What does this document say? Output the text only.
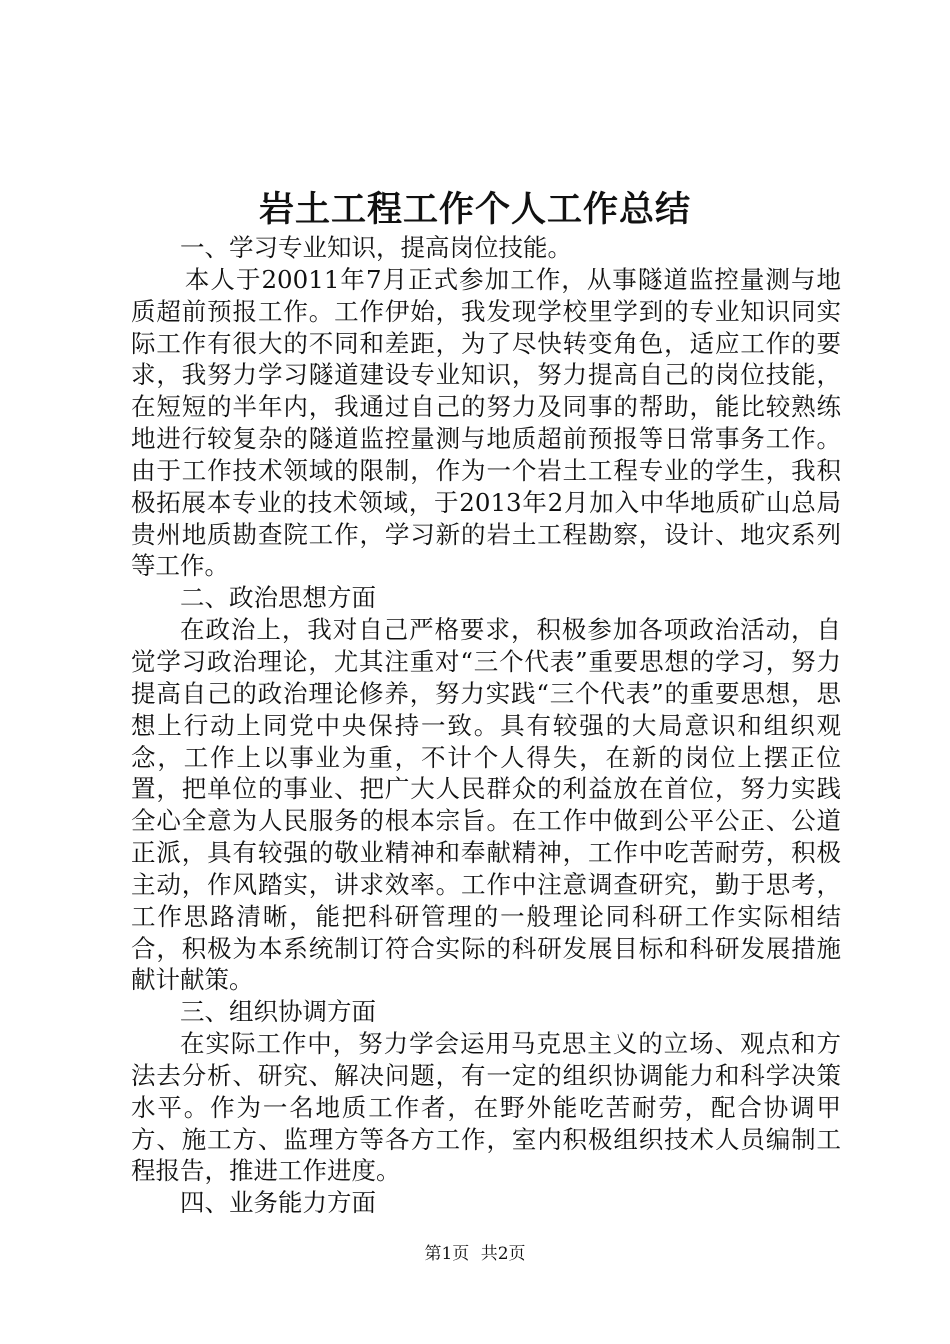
岩土工程工作个人工作总结

一、学习专业知识，提高岗位技能。

本人于20011年7月正式参加工作，从事隧道监控量测与地质超前预报工作。工作伊始，我发现学校里学到的专业知识同实际工作有很大的不同和差距，为了尽快转变角色，适应工作的要求，我努力学习隧道建设专业知识，努力提高自己的岗位技能，在短短的半年内，我通过自己的努力及同事的帮助，能比较熟练地进行较复杂的隧道监控量测与地质超前预报等日常事务工作。由于工作技术领域的限制，作为一个岩土工程专业的学生，我积极拓展本专业的技术领域，于2013年2月加入中华地质矿山总局贵州地质勘查院工作，学习新的岩土工程勘察，设计、地灾系列等工作。

二、政治思想方面

在政治上，我对自己严格要求，积极参加各项政治活动，自觉学习政治理论，尤其注重对“三个代表”重要思想的学习，努力提高自己的政治理论修养，努力实践“三个代表”的重要思想，思想上行动上同党中央保持一致。具有较强的大局意识和组织观念，工作上以事业为重，不计个人得失，在新的岗位上摆正位置，把单位的事业、把广大人民群众的利益放在首位，努力实践全心全意为人民服务的根本宗旨。在工作中做到公平公正、公道正派，具有较强的敬业精神和奉献精神，工作中吃苦耐劳，积极主动，作风踏实，讲求效率。工作中注意调查研究，勤于思考，工作思路清晰，能把科研管理的一般理论同科研工作实际相结合，积极为本系统制订符合实际的科研发展目标和科研发展措施献计献策。

三、组织协调方面

在实际工作中，努力学会运用马克思主义的立场、观点和方法去分析、研究、解决问题，有一定的组织协调能力和科学决策水平。作为一名地质工作者，在野外能吃苦耐劳，配合协调甲方、施工方、监理方等各方工作，室内积极组织技术人员编制工程报告，推进工作进度。

四、业务能力方面

第1页 共2页
